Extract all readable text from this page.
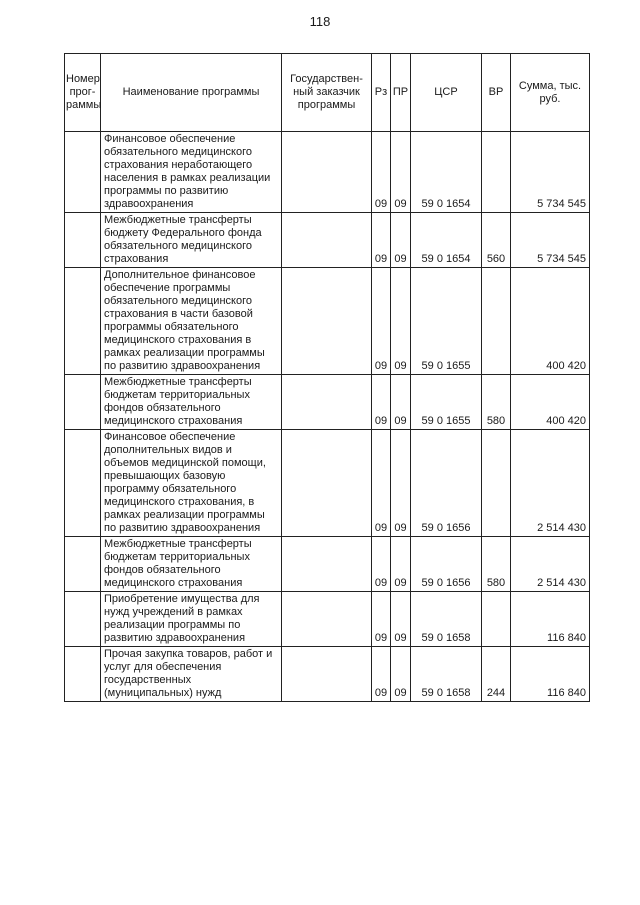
118
Номер прог-раммы	Наименование программы	Государствен-ный заказчик программы	Рз	ПР	ЦСР	ВР	Сумма, тыс. руб.
	Финансовое обеспечение обязательного медицинского страхования неработающего населения в рамках реализации программы по развитию здравоохранения		09	09	59 0 1654		5 734 545
	Межбюджетные трансферты бюджету Федерального фонда обязательного медицинского страхования		09	09	59 0 1654	560	5 734 545
	Дополнительное финансовое обеспечение программы обязательного медицинского страхования в части базовой программы обязательного медицинского страхования в рамках реализации программы по развитию здравоохранения		09	09	59 0 1655		400 420
	Межбюджетные трансферты бюджетам территориальных фондов обязательного медицинского страхования		09	09	59 0 1655	580	400 420
	Финансовое обеспечение дополнительных видов и объемов медицинской помощи, превышающих базовую программу обязательного медицинского страхования, в рамках реализации программы по развитию здравоохранения		09	09	59 0 1656		2 514 430
	Межбюджетные трансферты бюджетам территориальных фондов обязательного медицинского страхования		09	09	59 0 1656	580	2 514 430
	Приобретение имущества для нужд учреждений в рамках реализации программы по развитию здравоохранения		09	09	59 0 1658		116 840
	Прочая закупка товаров, работ и услуг для обеспечения государственных (муниципальных) нужд		09	09	59 0 1658	244	116 840
